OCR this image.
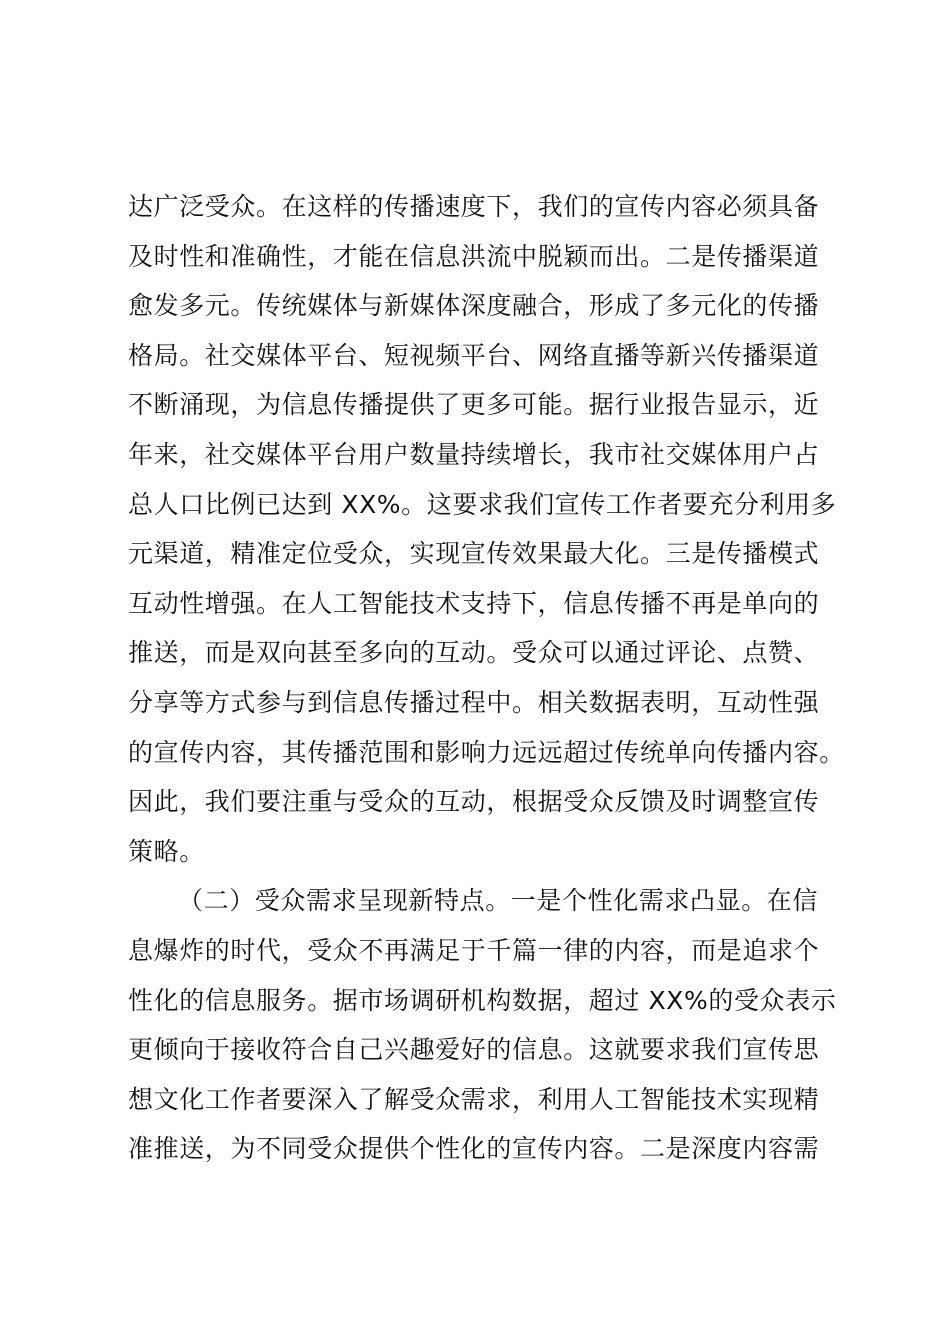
达广泛受众。在这样的传播速度下，我们的宣传内容必须具备
及时性和准确性，才能在信息洪流中脱颖而出。二是传播渠道
愈发多元。传统媒体与新媒体深度融合，形成了多元化的传播
格局。社交媒体平台、短视频平台、网络直播等新兴传播渠道
不断涌现，为信息传播提供了更多可能。据行业报告显示，近
年来，社交媒体平台用户数量持续增长，我市社交媒体用户占
总人口比例已达到 XX%。这要求我们宣传工作者要充分利用多
元渠道，精准定位受众，实现宣传效果最大化。三是传播模式
互动性增强。在人工智能技术支持下，信息传播不再是单向的
推送，而是双向甚至多向的互动。受众可以通过评论、点赞、
分享等方式参与到信息传播过程中。相关数据表明，互动性强
的宣传内容，其传播范围和影响力远远超过传统单向传播内容。
因此，我们要注重与受众的互动，根据受众反馈及时调整宣传
策略。
（二）受众需求呈现新特点。一是个性化需求凸显。在信
息爆炸的时代，受众不再满足于千篇一律的内容，而是追求个
性化的信息服务。据市场调研机构数据，超过 XX%的受众表示
更倾向于接收符合自己兴趣爱好的信息。这就要求我们宣传思
想文化工作者要深入了解受众需求，利用人工智能技术实现精
准推送，为不同受众提供个性化的宣传内容。二是深度内容需
